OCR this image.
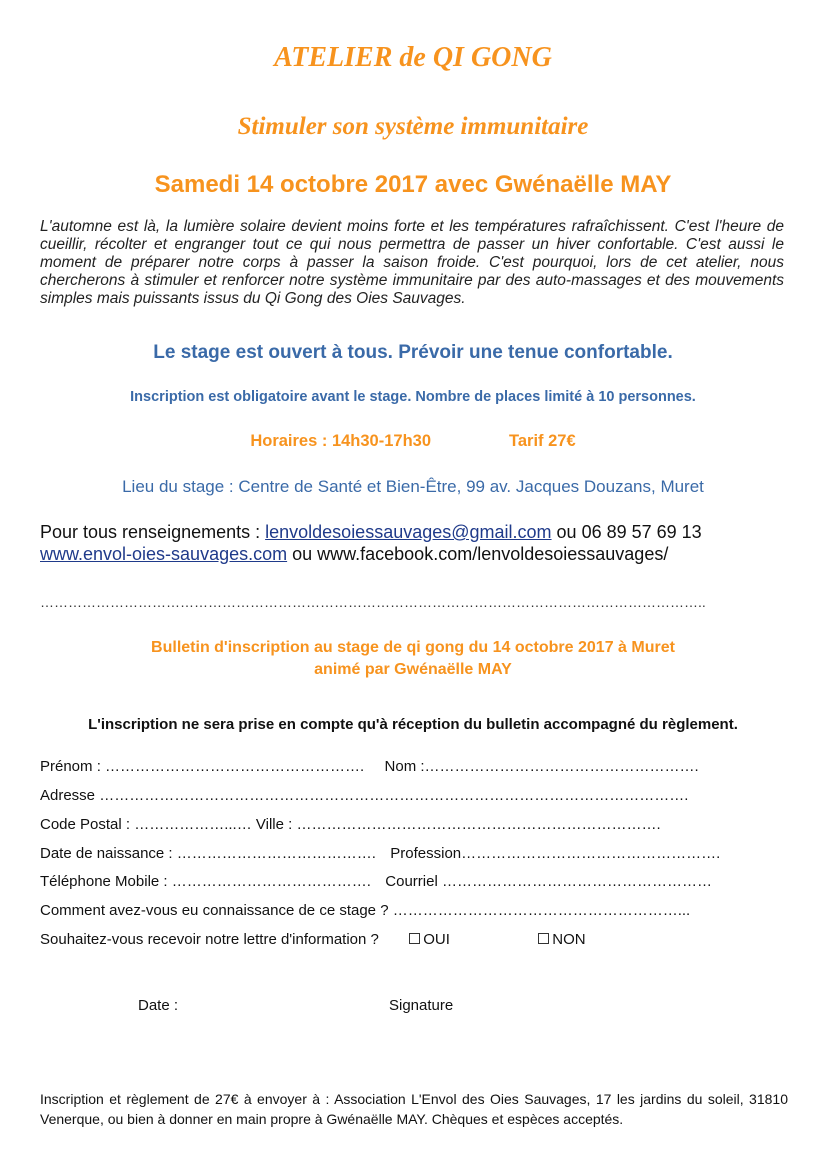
ATELIER de QI GONG
Stimuler son système immunitaire
Samedi 14 octobre 2017 avec Gwénaëlle MAY
L'automne est là, la lumière solaire devient moins forte et les températures rafraîchissent. C'est l'heure de cueillir, récolter et engranger tout ce qui nous permettra de passer un hiver confortable. C'est aussi le moment de préparer notre corps à passer la saison froide. C'est pourquoi, lors de cet atelier, nous chercherons à stimuler et renforcer notre système immunitaire par des auto-massages et des mouvements simples mais puissants issus du Qi Gong des Oies Sauvages.
Le stage est ouvert à tous. Prévoir une tenue confortable.
Inscription est obligatoire avant le stage. Nombre de places limité à 10 personnes.
Horaires : 14h30-17h30	Tarif 27€
Lieu du stage : Centre de Santé et Bien-Être, 99 av. Jacques Douzans, Muret
Pour tous renseignements : lenvoldesoiessauvages@gmail.com ou 06 89 57 69 13
www.envol-oies-sauvages.com ou www.facebook.com/lenvoldesoiessauvages/
……………………………………………………………………………………………………………………………..
Bulletin d'inscription au stage de qi gong du 14 octobre 2017 à Muret
animé par Gwénaëlle MAY
L'inscription ne sera prise en compte qu'à réception du bulletin accompagné du règlement.
Prénom : ……………………………………………. Nom :……………………………………………….
Adresse ……………………………………………………………………………………………………….
Code Postal : ………………...… Ville : ……………………………………………………………….
Date de naissance : …………………………………. Profession…………………………………………….
Téléphone Mobile : …………………………………. Courriel ………………………………………………
Comment avez-vous eu connaissance de ce stage ? …………………………………………………...
Souhaitez-vous recevoir notre lettre d'information ?	OUI	NON
Date :	Signature
Inscription et règlement de 27€ à envoyer à : Association L'Envol des Oies Sauvages, 17 les jardins du soleil, 31810 Venerque, ou bien à donner en main propre à Gwénaëlle MAY. Chèques et espèces acceptés.
